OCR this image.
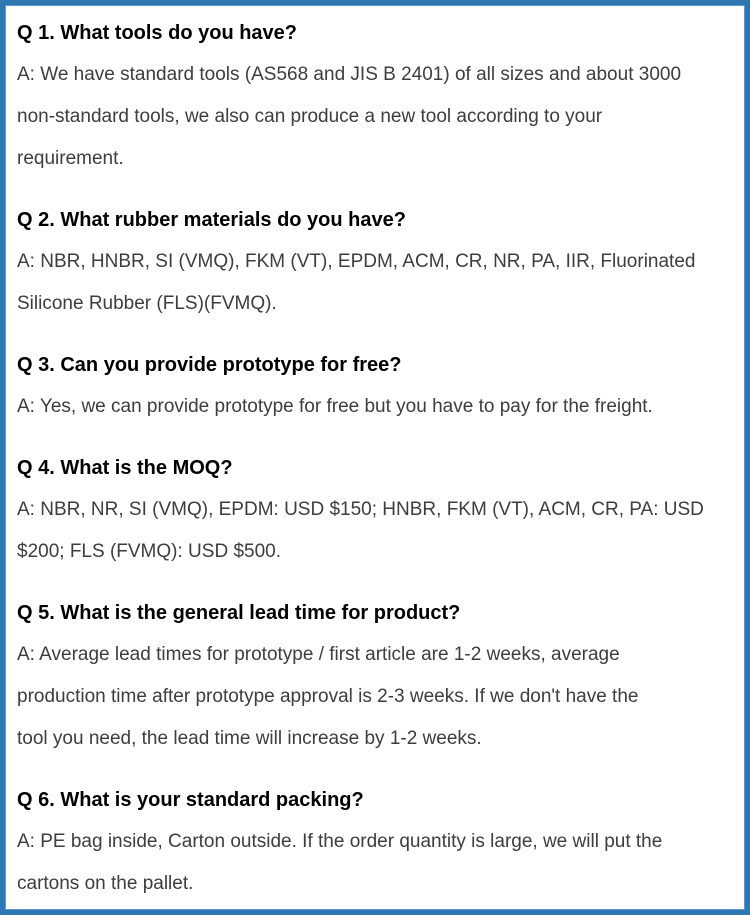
Q 1. What tools do you have?

A: We have standard tools (AS568 and JIS B 2401) of all sizes and about 3000
non-standard tools, we also can produce a new tool according to your
requirement.

Q 2. What rubber materials do you have?

A: NBR, HNBR, SI (VMQ), FKM (VT), EPDM, ACM, CR, NR, PA, IIR, Fluorinated
Silicone Rubber (FLS)(FVMQ).

Q 3. Can you provide prototype for free?

A: Yes, we can provide prototype for free but you have to pay for the freight.

Q 4. What is the MOQ?

A: NBR, NR, SI (VMQ), EPDM: USD $150; HNBR, FKM (VT), ACM, CR, PA: USD
$200; FLS (FVMQ): USD $500.

Q 5. What is the general lead time for product?

A: Average lead times for prototype / first article are 1-2 weeks, average
production time after prototype approval is 2-3 weeks. If we don't have the
tool you need, the lead time will increase by 1-2 weeks.

Q 6. What is your standard packing?

A: PE bag inside, Carton outside. If the order quantity is large, we will put the
cartons on the pallet.
